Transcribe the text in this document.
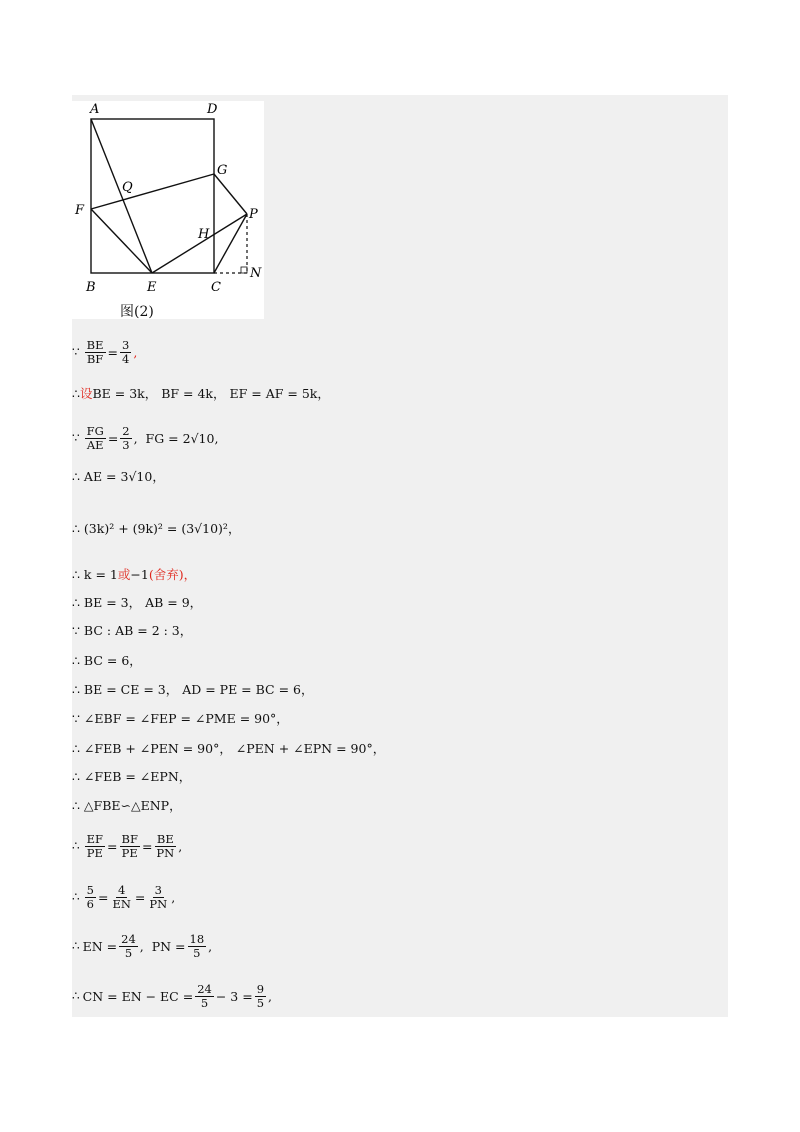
A	D
G
Q
F	P
H
N
B	E	C
图(2)
∵ $\frac{BE}{BF} = \frac{3}{4}$ ,
∴ 设 BE = 3k， BF = 4k， EF = AF = 5k，
∵ $\frac{FG}{AE} = \frac{2}{3}$ ,  FG = 2√10,
∴ AE = 3√10，
∴ (3k)² + (9k)² = (3√10)²，
∴ k = 1 或 −1 (舍弃)，
∴ BE = 3， AB = 9，
∵ BC : AB = 2 : 3，
∴ BC = 6，
∴ BE = CE = 3， AD = PE = BC = 6，
∵ ∠EBF = ∠FEP = ∠PME = 90°，
∴ ∠FEB + ∠PEN = 90°， ∠PEN + ∠EPN = 90°，
∴ ∠FEB = ∠EPN，
∴ △FBE∽△ENP，
∴ $\frac{EF}{PE} = \frac{BF}{PE} = \frac{BE}{PN}$ ,
∴ $\frac{5}{6} = \frac{4}{EN} = \frac{3}{PN}$ ,
∴ EN = $\frac{24}{5}$ ,  PN = $\frac{18}{5}$ ,
∴ CN = EN − EC = $\frac{24}{5} - 3 = \frac{9}{5}$ ,
